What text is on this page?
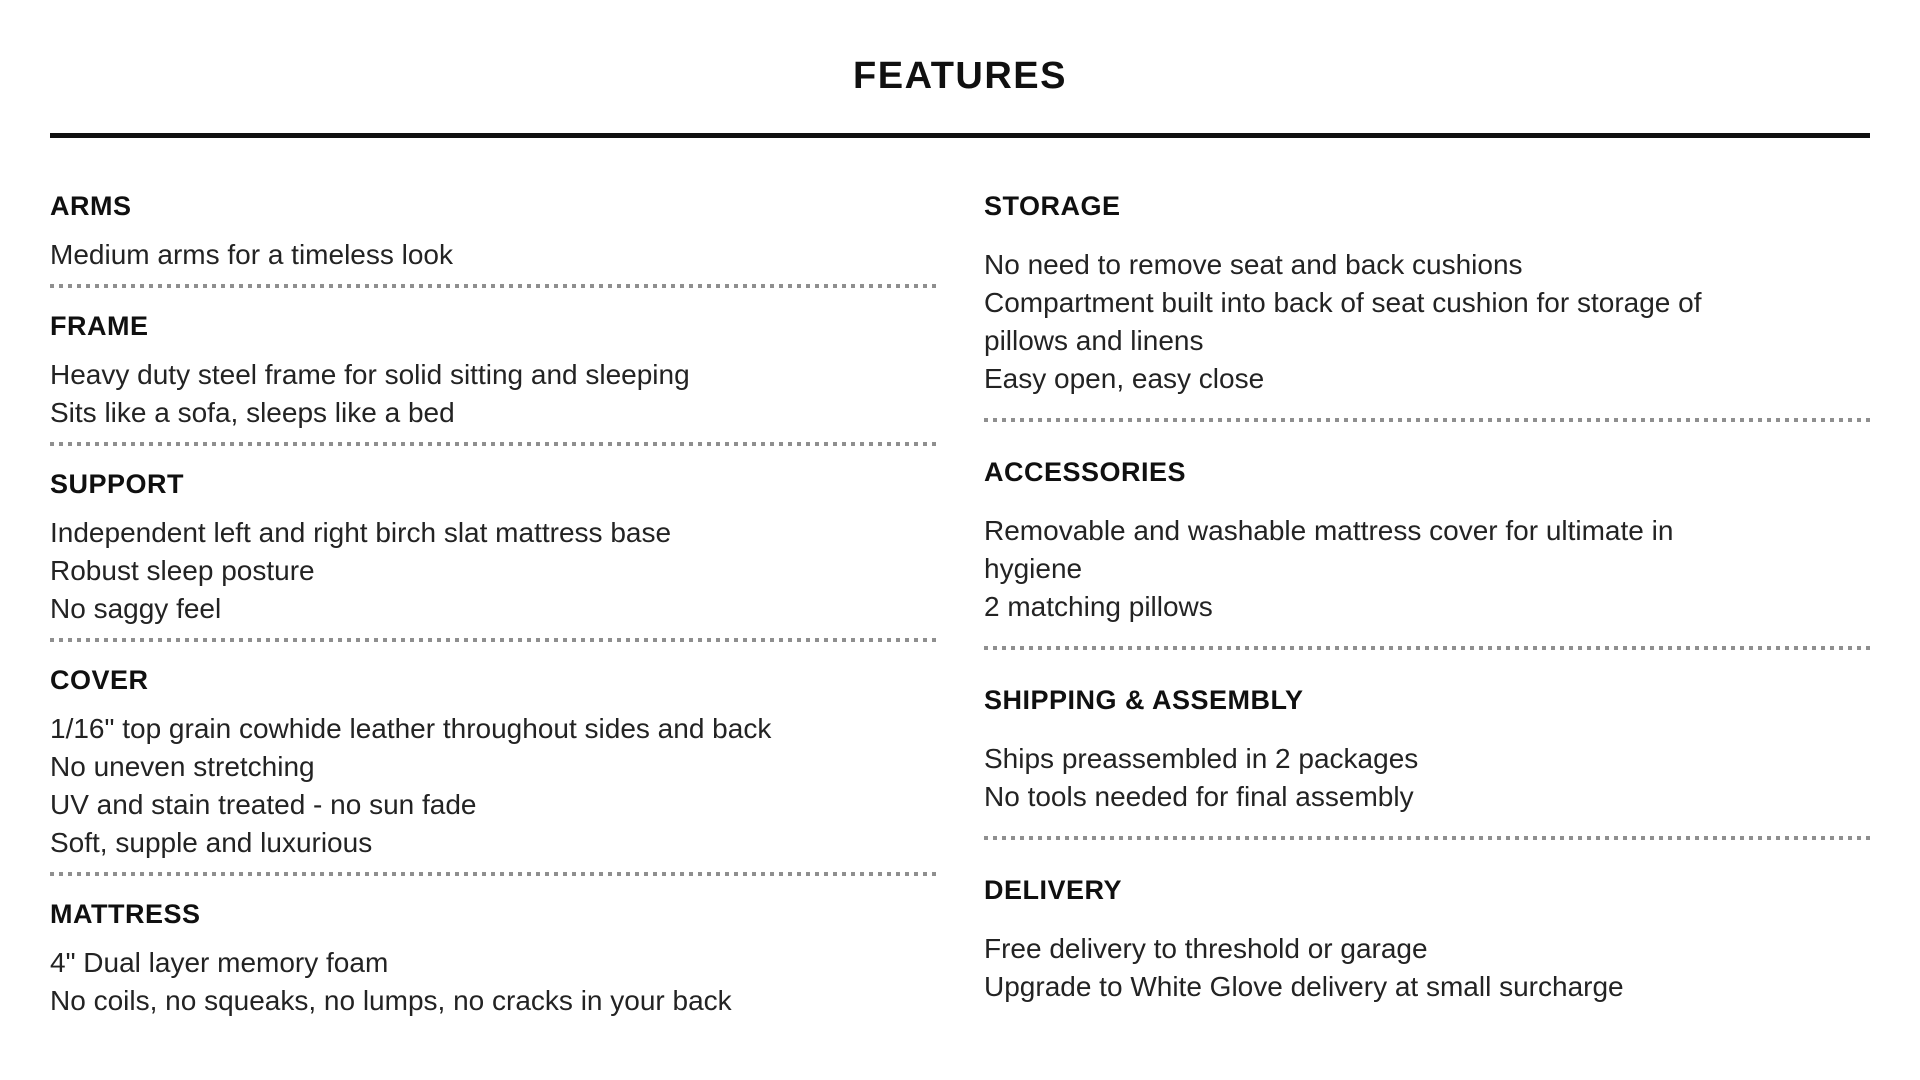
FEATURES
ARMS

Medium arms for a timeless look

FRAME

Heavy duty steel frame for solid sitting and sleeping

Sits like a sofa, sleeps like a bed

SUPPORT

Independent left and right birch slat mattress base

Robust sleep posture

No saggy feel

COVER

1/16" top grain cowhide leather throughout sides and back

No uneven stretching

UV and stain treated - no sun fade

Soft, supple and luxurious

MATTRESS

4" Dual layer memory foam

No coils, no squeaks, no lumps, no cracks in your back

STORAGE

No need to remove seat and back cushions

Compartment built into back of seat cushion for storage of

pillows and linens

Easy open, easy close

ACCESSORIES

Removable and washable mattress cover for ultimate in

hygiene

2 matching pillows

SHIPPING & ASSEMBLY

Ships preassembled in 2 packages

No tools needed for final assembly

DELIVERY

Free delivery to threshold or garage

Upgrade to White Glove delivery at small surcharge
